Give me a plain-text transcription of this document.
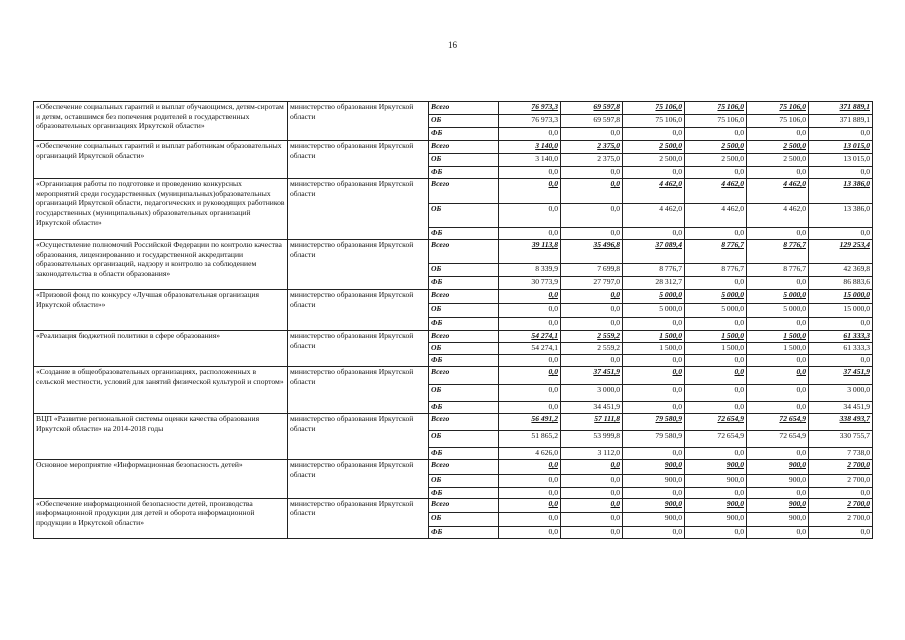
16
«Обеспечение социальных гарантий и выплат обучающимся, детям-сиротам и детям, оставшимся без попечения родителей в государственных образовательных организациях Иркутской области»	министерство образования Иркутской области	Всего	76 973,3	69 597,8	75 106,0	75 106,0	75 106,0	371 889,1
		ОБ	76 973,3	69 597,8	75 106,0	75 106,0	75 106,0	371 889,1
		ФБ	0,0	0,0	0,0	0,0	0,0	0,0
«Обеспечение социальных гарантий и выплат работникам образовательных организаций Иркутской области»	министерство образования Иркутской области	Всего	3 140,0	2 375,0	2 500,0	2 500,0	2 500,0	13 015,0
		ОБ	3 140,0	2 375,0	2 500,0	2 500,0	2 500,0	13 015,0
		ФБ	0,0	0,0	0,0	0,0	0,0	0,0
«Организация работы по подготовке и проведению конкурсных мероприятий среди государственных (муниципальных)образовательных организаций Иркутской области, педагогических и руководящих работников государственных (муниципальных) образовательных организаций Иркутской области»	министерство образования Иркутской области	Всего	0,0	0,0	4 462,0	4 462,0	4 462,0	13 386,0
		ОБ	0,0	0,0	4 462,0	4 462,0	4 462,0	13 386,0
		ФБ	0,0	0,0	0,0	0,0	0,0	0,0
«Осуществление полномочий Российской Федерации по контролю качества образования, лицензированию и государственной аккредитации образовательных организаций, надзору и контролю за соблюдением законодательства в области образования»	министерство образования Иркутской области	Всего	39 113,8	35 496,8	37 089,4	8 776,7	8 776,7	129 253,4
		ОБ	8 339,9	7 699,8	8 776,7	8 776,7	8 776,7	42 369,8
		ФБ	30 773,9	27 797,0	28 312,7	0,0	0,0	86 883,6
«Призовой фонд по конкурсу «Лучшая образовательная организация Иркутской области»»	министерство образования Иркутской области	Всего	0,0	0,0	5 000,0	5 000,0	5 000,0	15 000,0
		ОБ	0,0	0,0	5 000,0	5 000,0	5 000,0	15 000,0
		ФБ	0,0	0,0	0,0	0,0	0,0	0,0
«Реализация бюджетной политики в сфере образования»	министерство образования Иркутской области	Всего	54 274,1	2 559,2	1 500,0	1 500,0	1 500,0	61 333,3
		ОБ	54 274,1	2 559,2	1 500,0	1 500,0	1 500,0	61 333,3
		ФБ	0,0	0,0	0,0	0,0	0,0	0,0
«Создание в общеобразовательных организациях, расположенных в сельской местности, условий для занятий физической культурой и спортом»	министерство образования Иркутской области	Всего	0,0	37 451,9	0,0	0,0	0,0	37 451,9
		ОБ	0,0	3 000,0	0,0	0,0	0,0	3 000,0
		ФБ	0,0	34 451,9	0,0	0,0	0,0	34 451,9
ВЦП «Развитие региональной системы оценки качества образования Иркутской области» на 2014-2018 годы	министерство образования Иркутской области	Всего	56 491,2	57 111,8	79 580,9	72 654,9	72 654,9	338 493,7
		ОБ	51 865,2	53 999,8	79 580,9	72 654,9	72 654,9	330 755,7
		ФБ	4 626,0	3 112,0	0,0	0,0	0,0	7 738,0
Основное мероприятие «Информационная безопасность детей»	министерство образования Иркутской области	Всего	0,0	0,0	900,0	900,0	900,0	2 700,0
		ОБ	0,0	0,0	900,0	900,0	900,0	2 700,0
		ФБ	0,0	0,0	0,0	0,0	0,0	0,0
«Обеспечение информационной безопасности детей, производства информационной продукции для детей и оборота информационной продукции в Иркутской области»	министерство образования Иркутской области	Всего	0,0	0,0	900,0	900,0	900,0	2 700,0
		ОБ	0,0	0,0	900,0	900,0	900,0	2 700,0
		ФБ	0,0	0,0	0,0	0,0	0,0	0,0
